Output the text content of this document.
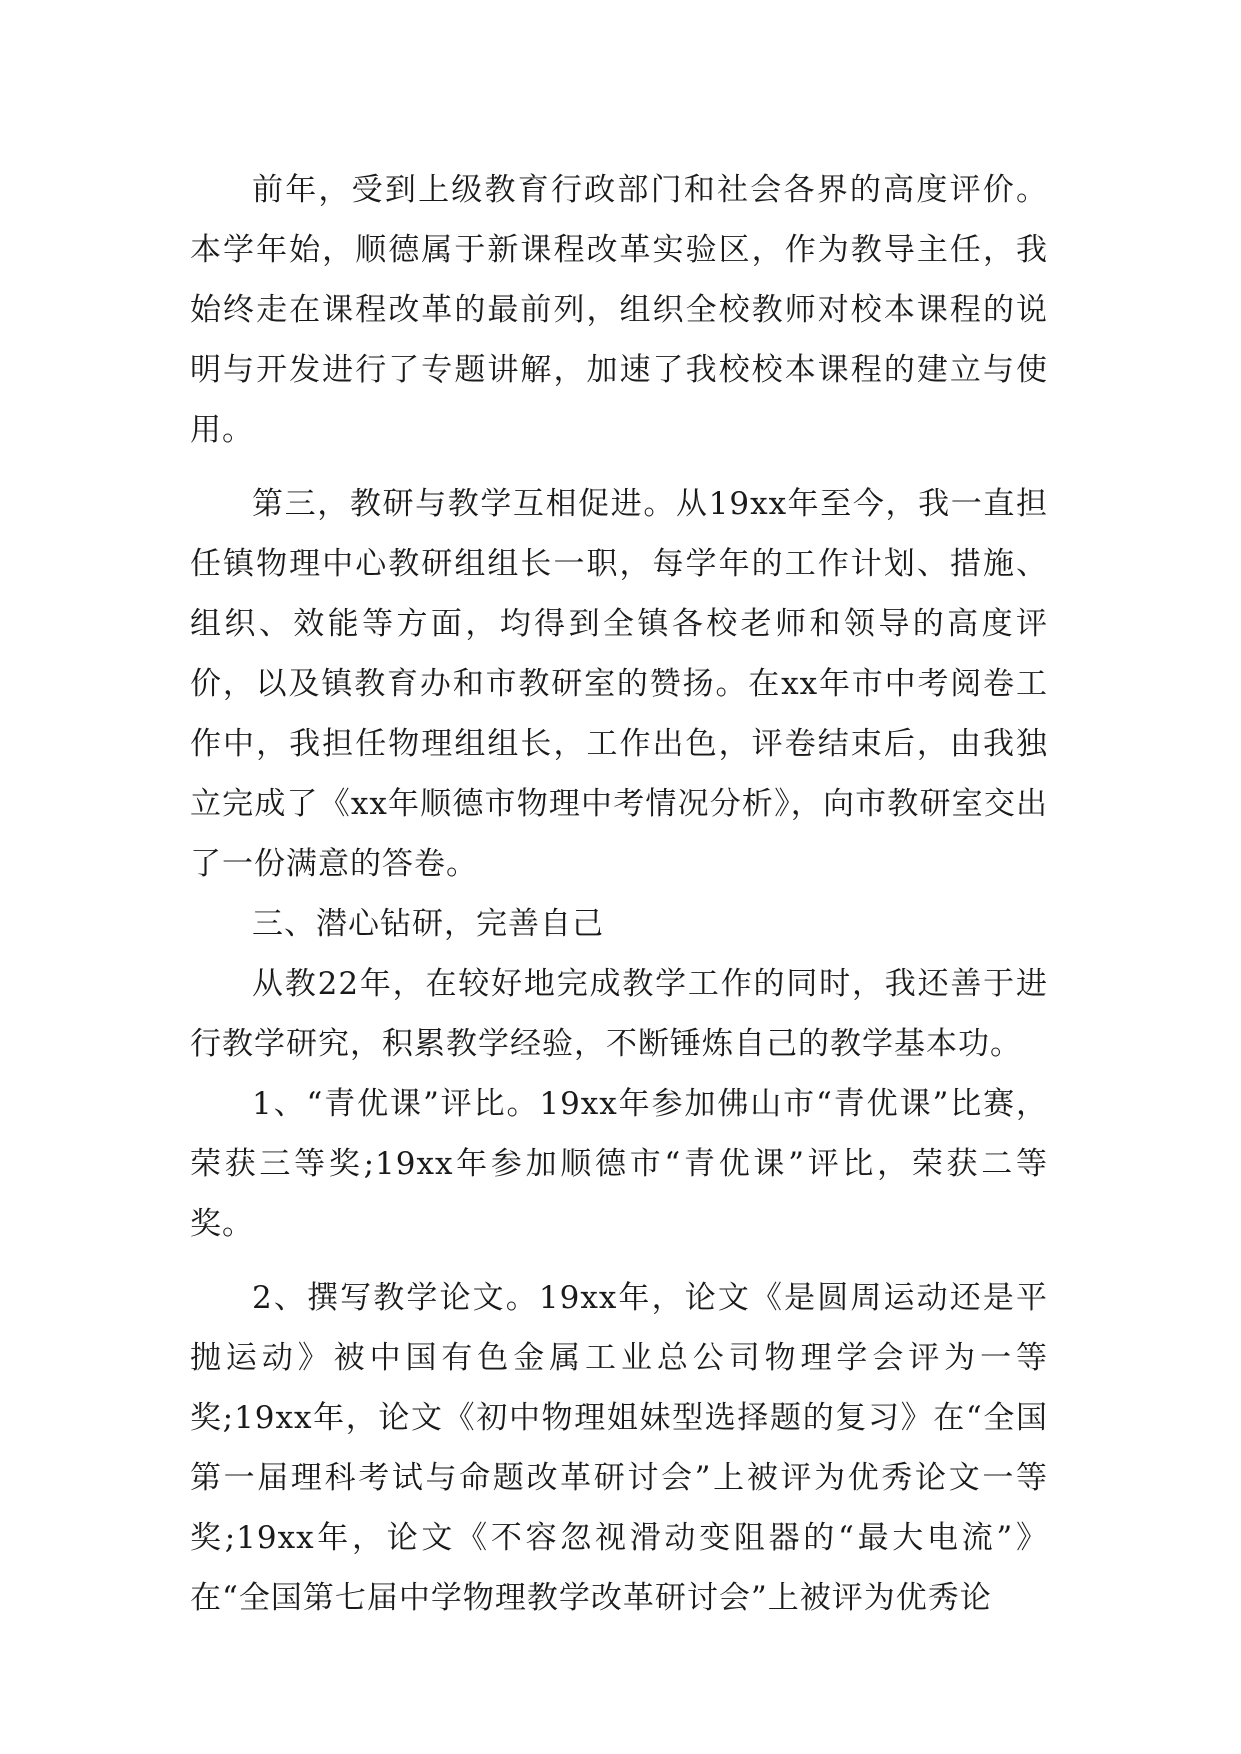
前年，受到上级教育行政部门和社会各界的高度评价。本学年始，顺德属于新课程改革实验区，作为教导主任，我始终走在课程改革的最前列，组织全校教师对校本课程的说明与开发进行了专题讲解，加速了我校校本课程的建立与使用。

第三，教研与教学互相促进。从19xx年至今，我一直担任镇物理中心教研组组长一职，每学年的工作计划、措施、组织、效能等方面，均得到全镇各校老师和领导的高度评价，以及镇教育办和市教研室的赞扬。在xx年市中考阅卷工作中，我担任物理组组长，工作出色，评卷结束后，由我独立完成了《xx年顺德市物理中考情况分析》，向市教研室交出了一份满意的答卷。

三、潜心钻研，完善自己

从教22年，在较好地完成教学工作的同时，我还善于进行教学研究，积累教学经验，不断锤炼自己的教学基本功。

1、“青优课”评比。19xx年参加佛山市“青优课”比赛，荣获三等奖;19xx年参加顺德市“青优课”评比，荣获二等奖。

2、撰写教学论文。19xx年，论文《是圆周运动还是平抛运动》被中国有色金属工业总公司物理学会评为一等奖;19xx年，论文《初中物理姐妹型选择题的复习》在“全国第一届理科考试与命题改革研讨会”上被评为优秀论文一等奖;19xx年，论文《不容忽视滑动变阻器的“最大电流”》在“全国第七届中学物理教学改革研讨会”上被评为优秀论
